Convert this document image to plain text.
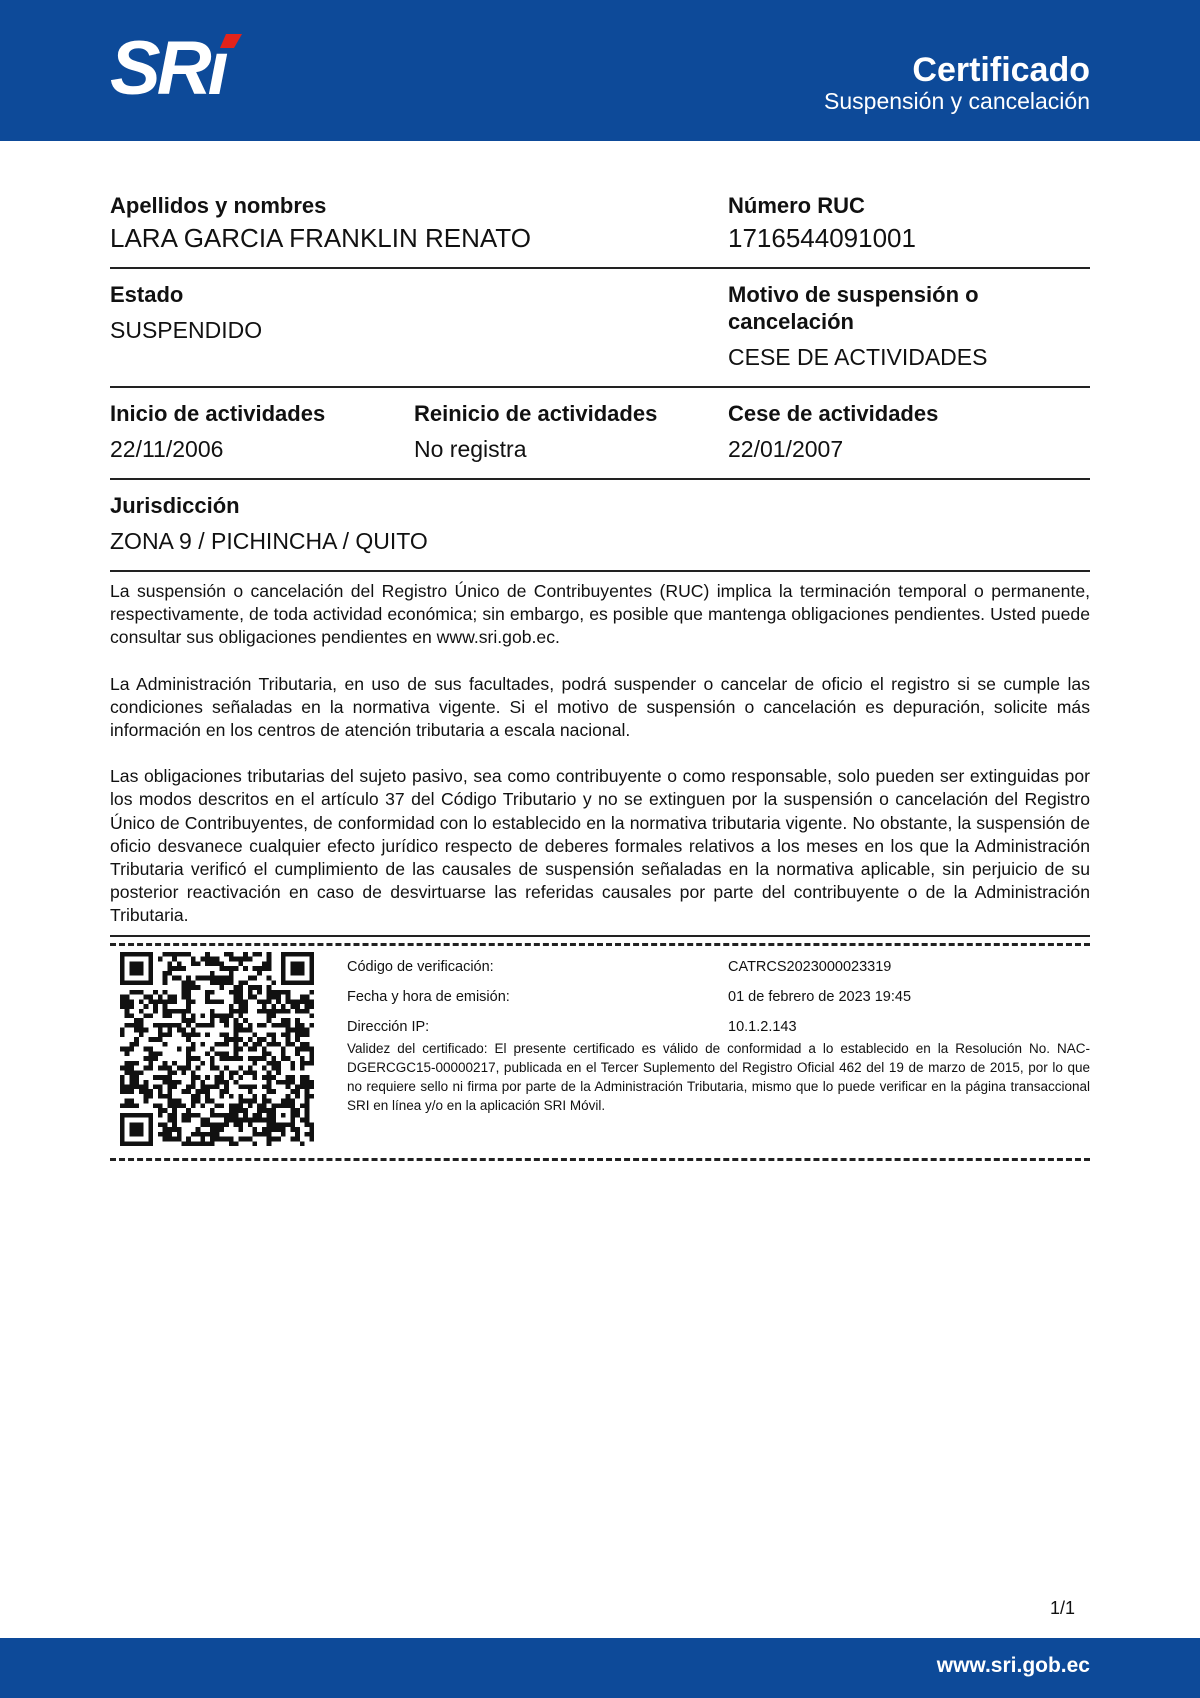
SRı	Certificado
Suspensión y cancelación
Apellidos y nombres
LARA GARCIA FRANKLIN RENATO
Número RUC
1716544091001
Estado
SUSPENDIDO
Motivo de suspensión o cancelación
CESE DE ACTIVIDADES
Inicio de actividades
22/11/2006
Reinicio de actividades
No registra
Cese de actividades
22/01/2007
Jurisdicción
ZONA 9 / PICHINCHA / QUITO

La suspensión o cancelación del Registro Único de Contribuyentes (RUC) implica la terminación temporal o permanente, respectivamente, de toda actividad económica; sin embargo, es posible que mantenga obligaciones pendientes. Usted puede consultar sus obligaciones pendientes en www.sri.gob.ec.

La Administración Tributaria, en uso de sus facultades, podrá suspender o cancelar de oficio el registro si se cumple las condiciones señaladas en la normativa vigente. Si el motivo de suspensión o cancelación es depuración, solicite más información en los centros de atención tributaria a escala nacional.

Las obligaciones tributarias del sujeto pasivo, sea como contribuyente o como responsable, solo pueden ser extinguidas por los modos descritos en el artículo 37 del Código Tributario y no se extinguen por la suspensión o cancelación del Registro Único de Contribuyentes, de conformidad con lo establecido en la normativa tributaria vigente. No obstante, la suspensión de oficio desvanece cualquier efecto jurídico respecto de deberes formales relativos a los meses en los que la Administración Tributaria verificó el cumplimiento de las causales de suspensión señaladas en la normativa aplicable, sin perjuicio de su posterior reactivación en caso de desvirtuarse las referidas causales por parte del contribuyente o de la Administración Tributaria.

Código de verificación:	CATRCS2023000023319
Fecha y hora de emisión:	01 de febrero de 2023 19:45
Dirección IP:	10.1.2.143

Validez del certificado: El presente certificado es válido de conformidad a lo establecido en la Resolución No. NAC-DGERCGC15-00000217, publicada en el Tercer Suplemento del Registro Oficial 462 del 19 de marzo de 2015, por lo que no requiere sello ni firma por parte de la Administración Tributaria, mismo que lo puede verificar en la página transaccional SRI en línea y/o en la aplicación SRI Móvil.

1/1
www.sri.gob.ec
